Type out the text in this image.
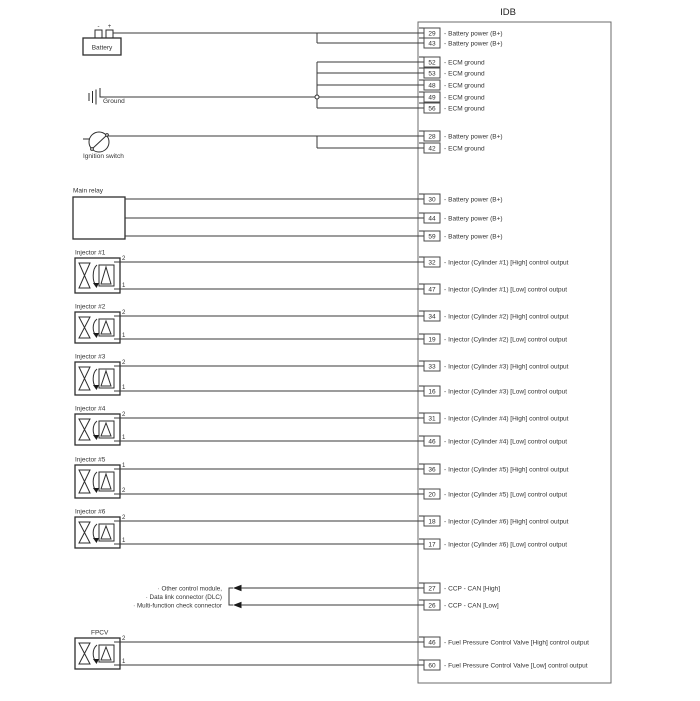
IDB
- +
Battery
Ground
Ignition switch
Main relay
Injector #1
2
1
Injector #2
2
1
Injector #3
2
1
Injector #4
2
1
Injector #5
1
2
Injector #6
2
1
FPCV
2
1
· Other control module,
· Data link connector (DLC)
· Multi-function check connector
29 - Battery power (B+)
43 - Battery power (B+)
52 - ECM ground
53 - ECM ground
48 - ECM ground
49 - ECM ground
56 - ECM ground
28 - Battery power (B+)
42 - ECM ground
30 - Battery power (B+)
44 - Battery power (B+)
59 - Battery power (B+)
32 - Injector (Cylinder #1) [High] control output
47 - Injector (Cylinder #1) [Low] control output
34 - Injector (Cylinder #2) [High] control output
19 - Injector (Cylinder #2) [Low] control output
33 - Injector (Cylinder #3) [High] control output
16 - Injector (Cylinder #3) [Low] control output
31 - Injector (Cylinder #4) [High] control output
46 - Injector (Cylinder #4) [Low] control output
36 - Injector (Cylinder #5) [High] control output
20 - Injector (Cylinder #5) [Low] control output
18 - Injector (Cylinder #6) [High] control output
17 - Injector (Cylinder #6) [Low] control output
27 - CCP - CAN [High]
26 - CCP - CAN [Low]
46 - Fuel Pressure Control Valve [High] control output
60 - Fuel Pressure Control Valve [Low] control output
